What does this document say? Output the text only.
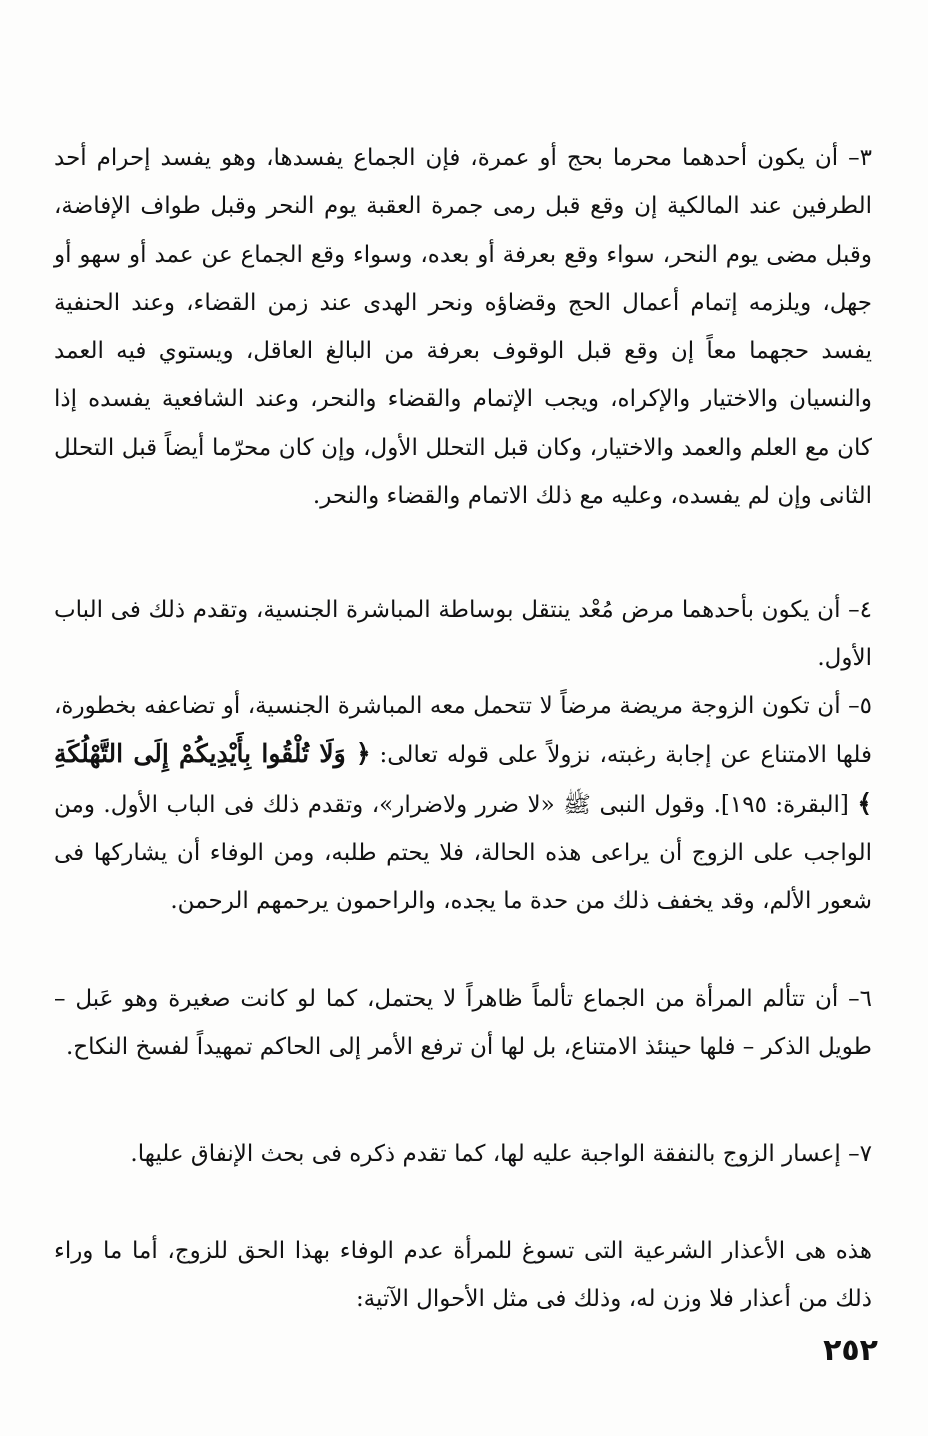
٣– أن يكون أحدهما محرما بحج أو عمرة، فإن الجماع يفسدها، وهو يفسد إحرام أحد الطرفين عند المالكية إن وقع قبل رمى جمرة العقبة يوم النحر وقبل طواف الإفاضة، وقبل مضى يوم النحر، سواء وقع بعرفة أو بعده، وسواء وقع الجماع عن عمد أو سهو أو جهل، ويلزمه إتمام أعمال الحج وقضاؤه ونحر الهدى عند زمن القضاء، وعند الحنفية يفسد حجهما معاً إن وقع قبل الوقوف بعرفة من البالغ العاقل، ويستوي فيه العمد والنسيان والاختيار والإكراه، ويجب الإتمام والقضاء والنحر، وعند الشافعية يفسده إذا كان مع العلم والعمد والاختيار، وكان قبل التحلل الأول، وإن كان محرّما أيضاً قبل التحلل الثانى وإن لم يفسده، وعليه مع ذلك الاتمام والقضاء والنحر.

٤– أن يكون بأحدهما مرض مُعْد ينتقل بوساطة المباشرة الجنسية، وتقدم ذلك فى الباب الأول.

٥– أن تكون الزوجة مريضة مرضاً لا تتحمل معه المباشرة الجنسية، أو تضاعفه بخطورة، فلها الامتناع عن إجابة رغبته، نزولاً على قوله تعالى: ﴿ وَلَا تُلْقُوا بِأَيْدِيكُمْ إِلَى التَّهْلُكَةِ ﴾ [البقرة: ١٩٥]. وقول النبى ﷺ «لا ضرر ولاضرار»، وتقدم ذلك فى الباب الأول. ومن الواجب على الزوج أن يراعى هذه الحالة، فلا يحتم طلبه، ومن الوفاء أن يشاركها فى شعور الألم، وقد يخفف ذلك من حدة ما يجده، والراحمون يرحمهم الرحمن.

٦– أن تتألم المرأة من الجماع تألماً ظاهراً لا يحتمل، كما لو كانت صغيرة وهو عَبل – طويل الذكر – فلها حينئذ الامتناع، بل لها أن ترفع الأمر إلى الحاكم تمهيداً لفسخ النكاح.

٧– إعسار الزوج بالنفقة الواجبة عليه لها، كما تقدم ذكره فى بحث الإنفاق عليها.

هذه هى الأعذار الشرعية التى تسوغ للمرأة عدم الوفاء بهذا الحق للزوج، أما ما وراء ذلك من أعذار فلا وزن له، وذلك فى مثل الأحوال الآتية:

٢٥٢
